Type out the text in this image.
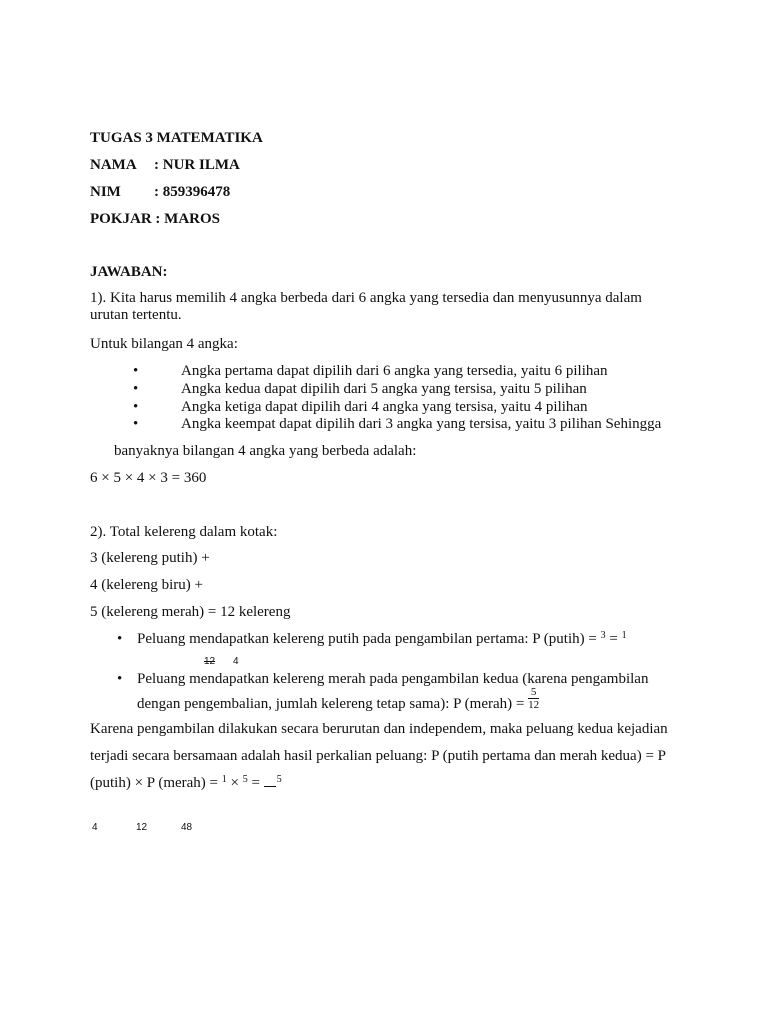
TUGAS 3 MATEMATIKA
NAMA : NUR ILMA
NIM : 859396478
POKJAR : MAROS
JAWABAN:
1). Kita harus memilih 4 angka berbeda dari 6 angka yang tersedia dan menyusunnya dalam
urutan tertentu.
Untuk bilangan 4 angka:
•	Angka pertama dapat dipilih dari 6 angka yang tersedia, yaitu 6 pilihan
•	Angka kedua dapat dipilih dari 5 angka yang tersisa, yaitu 5 pilihan
•	Angka ketiga dapat dipilih dari 4 angka yang tersisa, yaitu 4 pilihan
•	Angka keempat dapat dipilih dari 3 angka yang tersisa, yaitu 3 pilihan Sehingga
banyaknya bilangan 4 angka yang berbeda adalah:
6 × 5 × 4 × 3 = 360
2). Total kelereng dalam kotak:
3 (kelereng putih) +
4 (kelereng biru) +
5 (kelereng merah) = 12 kelereng
• Peluang mendapatkan kelereng putih pada pengambilan pertama: P (putih) = $^3$ = $^1$
12 4
• Peluang mendapatkan kelereng merah pada pengambilan kedua (karena pengambilan
dengan pengembalian, jumlah kelereng tetap sama): P (merah) = $\frac{5}{12}$
Karena pengambilan dilakukan secara berurutan dan independem, maka peluang kedua kejadian
terjadi secara bersamaan adalah hasil perkalian peluang: P (putih pertama dan merah kedua) = P
(putih) × P (merah) = $^1$ × $^5$ = $^5$
4	12	48
